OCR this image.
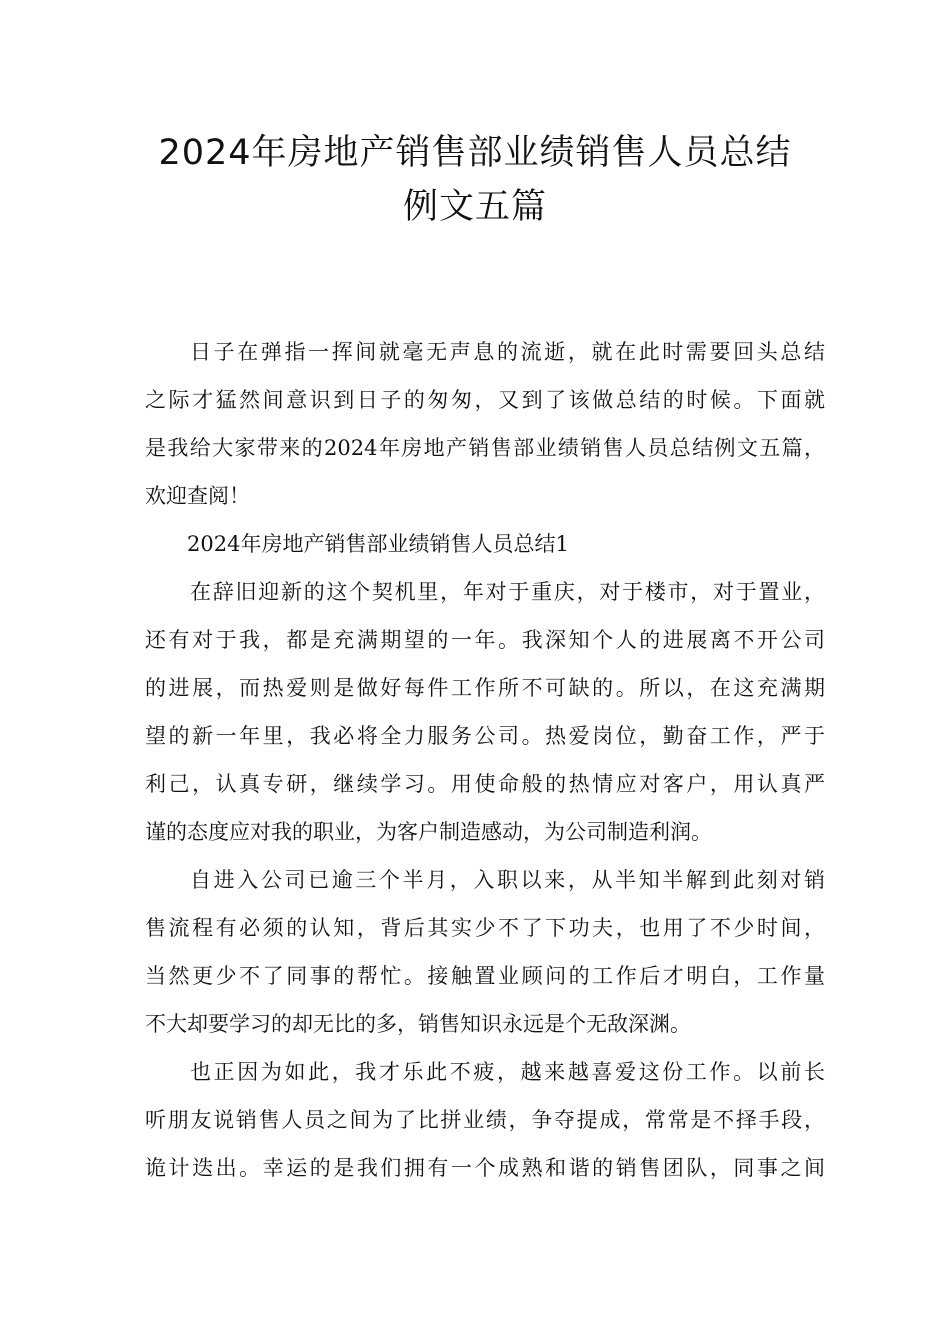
2024年房地产销售部业绩销售人员总结
例文五篇

日子在弹指一挥间就毫无声息的流逝，就在此时需要回头总结
之际才猛然间意识到日子的匆匆，又到了该做总结的时候。下面就
是我给大家带来的2024年房地产销售部业绩销售人员总结例文五篇，
欢迎查阅！

2024年房地产销售部业绩销售人员总结1

在辞旧迎新的这个契机里，年对于重庆，对于楼市，对于置业，
还有对于我，都是充满期望的一年。我深知个人的进展离不开公司
的进展，而热爱则是做好每件工作所不可缺的。所以，在这充满期
望的新一年里，我必将全力服务公司。热爱岗位，勤奋工作，严于
利己，认真专研，继续学习。用使命般的热情应对客户，用认真严
谨的态度应对我的职业，为客户制造感动，为公司制造利润。

自进入公司已逾三个半月，入职以来，从半知半解到此刻对销
售流程有必须的认知，背后其实少不了下功夫，也用了不少时间，
当然更少不了同事的帮忙。接触置业顾问的工作后才明白，工作量
不大却要学习的却无比的多，销售知识永远是个无敌深渊。

也正因为如此，我才乐此不疲，越来越喜爱这份工作。以前长
听朋友说销售人员之间为了比拼业绩，争夺提成，常常是不择手段，
诡计迭出。幸运的是我们拥有一个成熟和谐的销售团队，同事之间
